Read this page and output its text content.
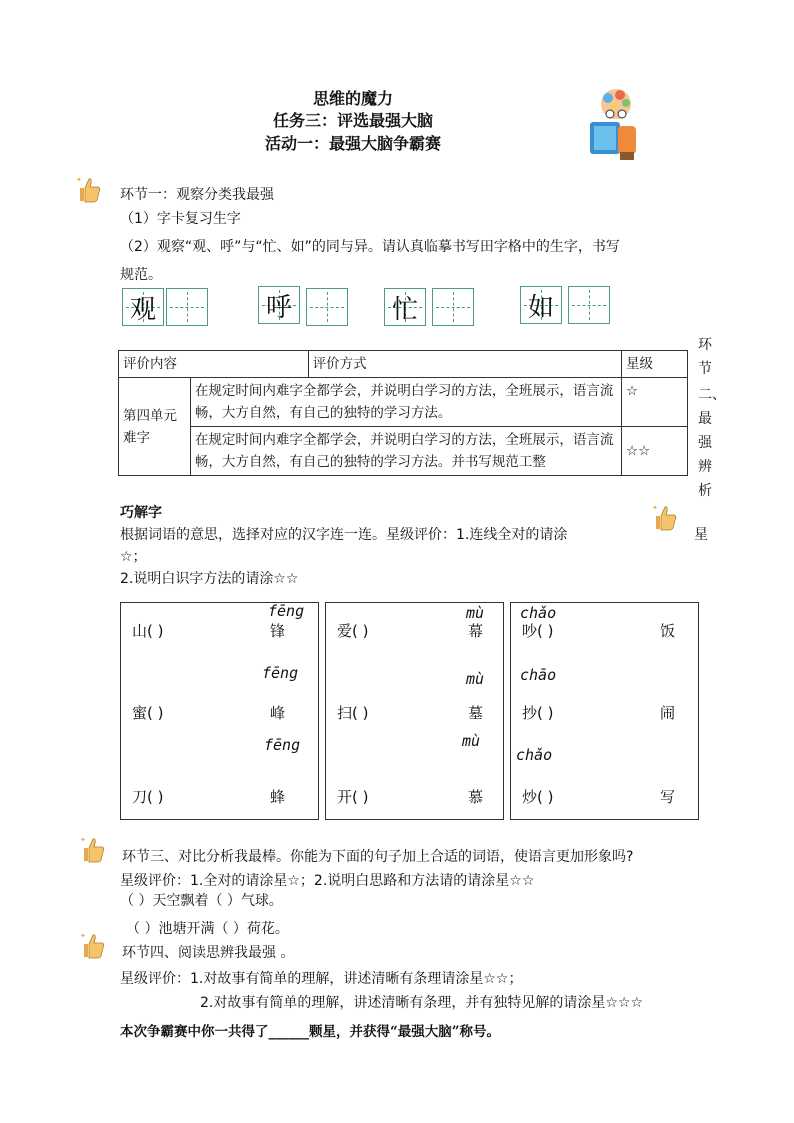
思维的魔力
任务三：评选最强大脑
活动一：最强大脑争霸赛
✦
✦
✦
✦
环节一：观察分类我最强
（1）字卡复习生字
（2）观察“观、呼”与“忙、如”的同与异。请认真临摹书写田字格中的生字，书写
规范。
观	呼	忙	如
环
节
二、
最
强
辨
析
评价内容		评价方式	星级
第四单元难字	在规定时间内难字全都学会，并说明白学习的方法，全班展示，语言流畅，大方自然，有自己的独特的学习方法。		☆
	在规定时间内难字全都学会，并说明白学习的方法，全班展示，语言流畅，大方自然，有自己的独特的学习方法。并书写规范工整		☆☆
巧解字
根据词语的意思，选择对应的汉字连一连。星级评价：1.连线全对的请涂	星
☆；
2.说明白识字方法的请涂☆☆
山( )
蜜( )
刀( )
fēng
fēng
fēng
锋
峰
蜂
爱( )
扫( )
开( )
mù
mù
mù
幕
墓
慕
chǎo
chāo
chǎo
吵( )
抄( )
炒( )
饭
闹
写
环节三、对比分析我最棒。你能为下面的句子加上合适的词语，使语言更加形象吗?
星级评价：1.全对的请涂星☆；2.说明白思路和方法请的请涂星☆☆
（ ）天空飘着（ ）气球。
（ ）池塘开满（ ）荷花。
环节四、阅读思辨我最强 。
星级评价：1.对故事有简单的理解，讲述清晰有条理请涂星☆☆；
2.对故事有简单的理解，讲述清晰有条理，并有独特见解的请涂星☆☆☆
本次争霸赛中你一共得了______颗星，并获得“最强大脑”称号。
